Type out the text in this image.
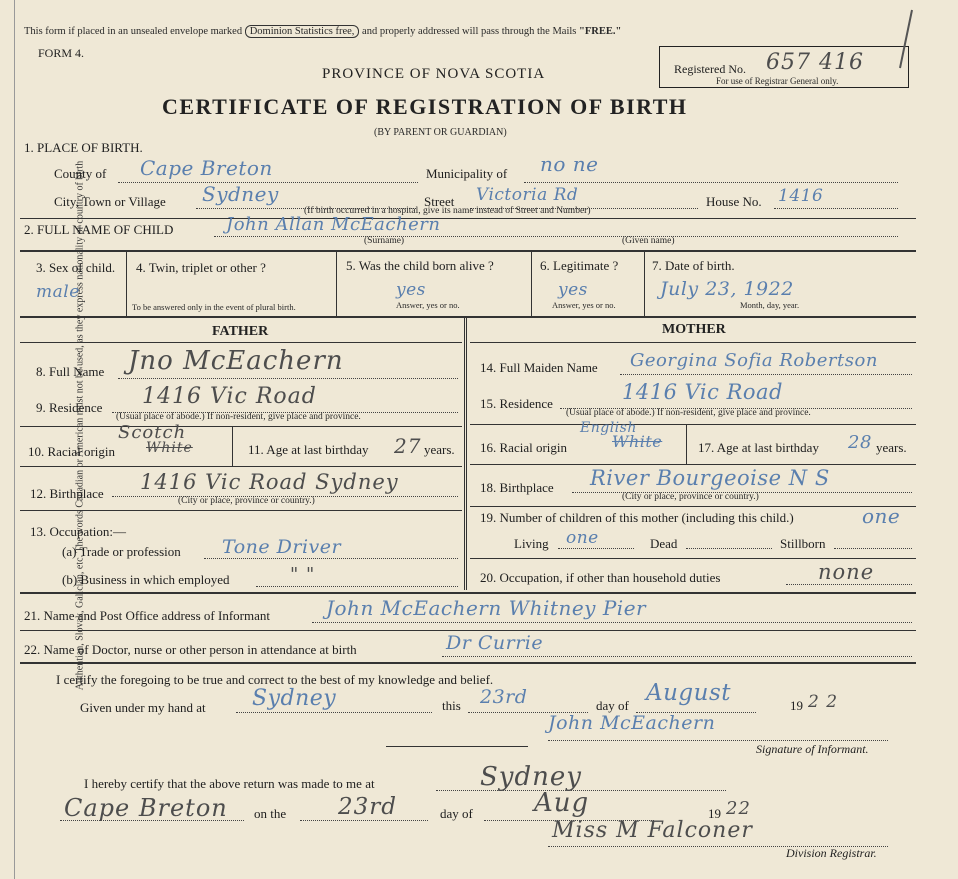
Authentian, Slovak, Galician, etc. The words Canadian or American must not be used, as they express nationality or country of birth
This form if placed in an unsealed envelope marked Dominion Statistics free, and properly addressed will pass through the Mails "FREE."
FORM 4.
Registered No. 657 416
For use of Registrar General only.
PROVINCE OF NOVA SCOTIA
CERTIFICATE OF REGISTRATION OF BIRTH
(BY PARENT OR GUARDIAN)
1. PLACE OF BIRTH.
County of Cape Breton	Municipality of no ne
City, Town or Village Sydney	Street Victoria Rd	House No. 1416
(If birth occurred in a hospital, give its name instead of Street and Number)
2. FULL NAME OF CHILD	John Allan McEachern
(Surname)	(Given name)
3. Sex of child.
male
4. Twin, triplet or other ?
To be answered only in the event of plural birth.
5. Was the child born alive ?
yes
Answer, yes or no.
6. Legitimate ?
yes
Answer, yes or no.
7. Date of birth.
July 23, 1922
Month, day, year.
FATHER	MOTHER
8. Full Name Jno McEachern
9. Residence 1416 Vic Road
(Usual place of abode.) If non-resident, give place and province.
10. Racial origin
Scotch
White	11. Age at last birthday 27 years.
12. Birthplace 1416 Vic Road Sydney
(City or place, province or country.)
13. Occupation:—
(a) Trade or profession Tone Driver
(b) Business in which employed	" "
14. Full Maiden Name Georgina Sofia Robertson
15. Residence	1416 Vic Road
(Usual place of abode.) If non-resident, give place and province.
16. Racial origin
English
White	17. Age at last birthday 28 years.
18. Birthplace River Bourgeoise N S
(City or place, province or country.)
19. Number of children of this mother (including this child.)	one
Living one	Dead	Stillborn
20. Occupation, if other than household duties	none
21. Name and Post Office address of Informant	John McEachern Whitney Pier
22. Name of Doctor, nurse or other person in attendance at birth	Dr Currie
I certify the foregoing to be true and correct to the best of my knowledge and belief.
Given under my hand at Sydney	this 23rd	day of August	19 2 2
John McEachern
Signature of Informant.
I hereby certify that the above return was made to me at	Sydney
Cape Breton on the 23rd	day of Aug	19 22
Miss M Falconer
Division Registrar.
